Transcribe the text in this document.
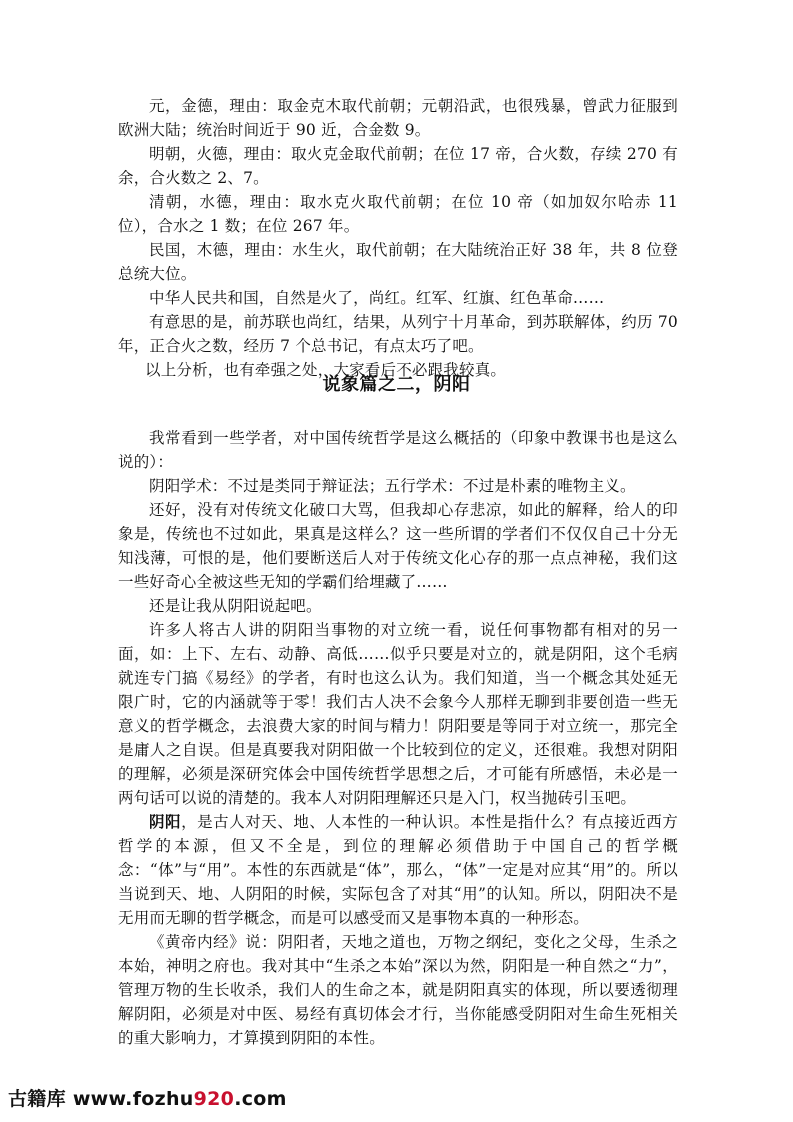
元，金德，理由：取金克木取代前朝；元朝沿武，也很残暴，曾武力征服到欧洲大陆；统治时间近于 90 近，合金数 9。

明朝，火德，理由：取火克金取代前朝；在位 17 帝，合火数，存续 270 有余，合火数之 2、7。

清朝，水德，理由：取水克火取代前朝；在位 10 帝（如加奴尔哈赤 11 位），合水之 1 数；在位 267 年。

民国，木德，理由：水生火，取代前朝；在大陆统治正好 38 年，共 8 位登总统大位。

中华人民共和国，自然是火了，尚红。红军、红旗、红色革命……

有意思的是，前苏联也尚红，结果，从列宁十月革命，到苏联解体，约历 70 年，正合火之数，经历 7 个总书记，有点太巧了吧。

以上分析，也有牵强之处，大家看后不必跟我较真。

说象篇之二，阴阳

我常看到一些学者，对中国传统哲学是这么概括的（印象中教课书也是这么说的）：

阴阳学术：不过是类同于辩证法；五行学术：不过是朴素的唯物主义。

还好，没有对传统文化破口大骂，但我却心存悲凉，如此的解释，给人的印象是，传统也不过如此，果真是这样么？这一些所谓的学者们不仅仅自己十分无知浅薄，可恨的是，他们要断送后人对于传统文化心存的那一点点神秘，我们这一些好奇心全被这些无知的学霸们给埋藏了……

还是让我从阴阳说起吧。

许多人将古人讲的阴阳当事物的对立统一看，说任何事物都有相对的另一面，如：上下、左右、动静、高低……似乎只要是对立的，就是阴阳，这个毛病就连专门搞《易经》的学者，有时也这么认为。我们知道，当一个概念其处延无限广时，它的内涵就等于零！我们古人决不会象今人那样无聊到非要创造一些无意义的哲学概念，去浪费大家的时间与精力！阴阳要是等同于对立统一，那完全是庸人之自误。但是真要我对阴阳做一个比较到位的定义，还很难。我想对阴阳的理解，必须是深研究体会中国传统哲学思想之后，才可能有所感悟，未必是一两句话可以说的清楚的。我本人对阴阳理解还只是入门，权当抛砖引玉吧。

阴阳，是古人对天、地、人本性的一种认识。本性是指什么？有点接近西方哲学的本源，但又不全是，到位的理解必须借助于中国自己的哲学概念：“体”与“用”。本性的东西就是“体”，那么，“体”一定是对应其“用”的。所以当说到天、地、人阴阳的时候，实际包含了对其“用”的认知。所以，阴阳决不是无用而无聊的哲学概念，而是可以感受而又是事物本真的一种形态。

《黄帝内经》说：阴阳者，天地之道也，万物之纲纪，变化之父母，生杀之本始，神明之府也。我对其中“生杀之本始”深以为然，阴阳是一种自然之“力”，管理万物的生长收杀，我们人的生命之本，就是阴阳真实的体现，所以要透彻理解阴阳，必须是对中医、易经有真切体会才行，当你能感受阴阳对生命生死相关的重大影响力，才算摸到阴阳的本性。

古籍库 www.fozhu920.com
